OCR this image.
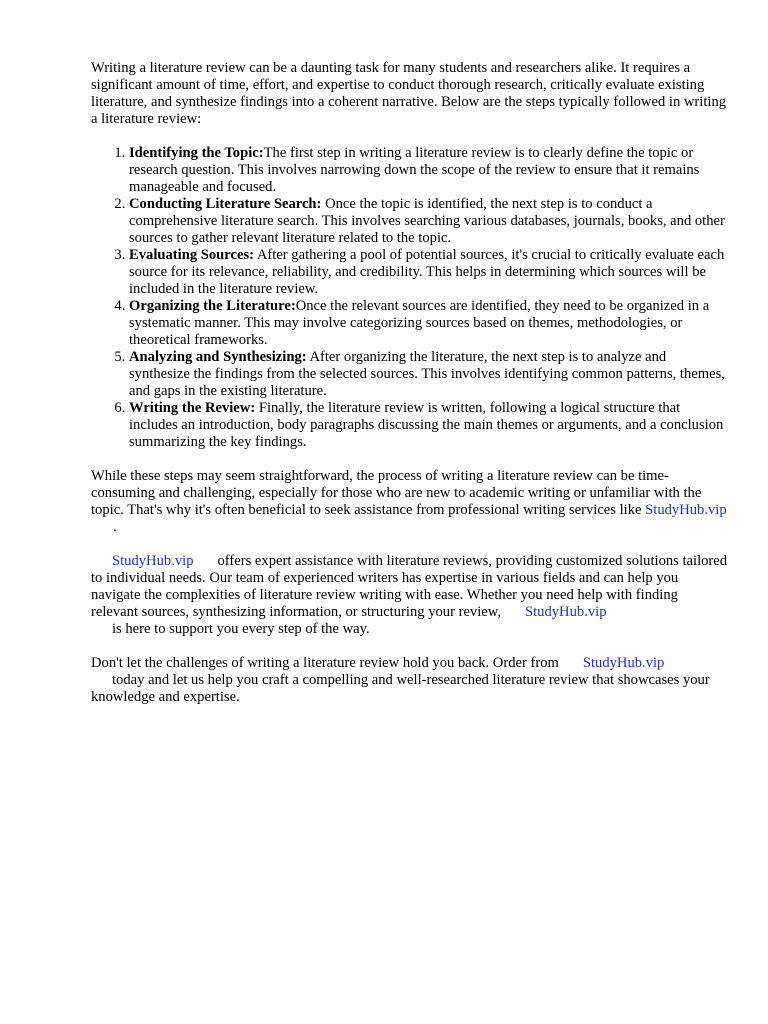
Writing a literature review can be a daunting task for many students and researchers alike. It requires a significant amount of time, effort, and expertise to conduct thorough research, critically evaluate existing literature, and synthesize findings into a coherent narrative. Below are the steps typically followed in writing a literature review:

1. Identifying the Topic:The first step in writing a literature review is to clearly define the topic or research question. This involves narrowing down the scope of the review to ensure that it remains manageable and focused.
2. Conducting Literature Search: Once the topic is identified, the next step is to conduct a comprehensive literature search. This involves searching various databases, journals, books, and other sources to gather relevant literature related to the topic.
3. Evaluating Sources: After gathering a pool of potential sources, it's crucial to critically evaluate each source for its relevance, reliability, and credibility. This helps in determining which sources will be included in the literature review.
4. Organizing the Literature:Once the relevant sources are identified, they need to be organized in a systematic manner. This may involve categorizing sources based on themes, methodologies, or theoretical frameworks.
5. Analyzing and Synthesizing: After organizing the literature, the next step is to analyze and synthesize the findings from the selected sources. This involves identifying common patterns, themes, and gaps in the existing literature.
6. Writing the Review: Finally, the literature review is written, following a logical structure that includes an introduction, body paragraphs discussing the main themes or arguments, and a conclusion summarizing the key findings.

While these steps may seem straightforward, the process of writing a literature review can be time-consuming and challenging, especially for those who are new to academic writing or unfamiliar with the topic. That's why it's often beneficial to seek assistance from professional writing services like StudyHub.vip.

StudyHub.vip offers expert assistance with literature reviews, providing customized solutions tailored to individual needs. Our team of experienced writers has expertise in various fields and can help you navigate the complexities of literature review writing with ease. Whether you need help with finding relevant sources, synthesizing information, or structuring your review, StudyHub.vip
is here to support you every step of the way.

Don't let the challenges of writing a literature review hold you back. Order from StudyHub.vip
today and let us help you craft a compelling and well-researched literature review that showcases your knowledge and expertise.
